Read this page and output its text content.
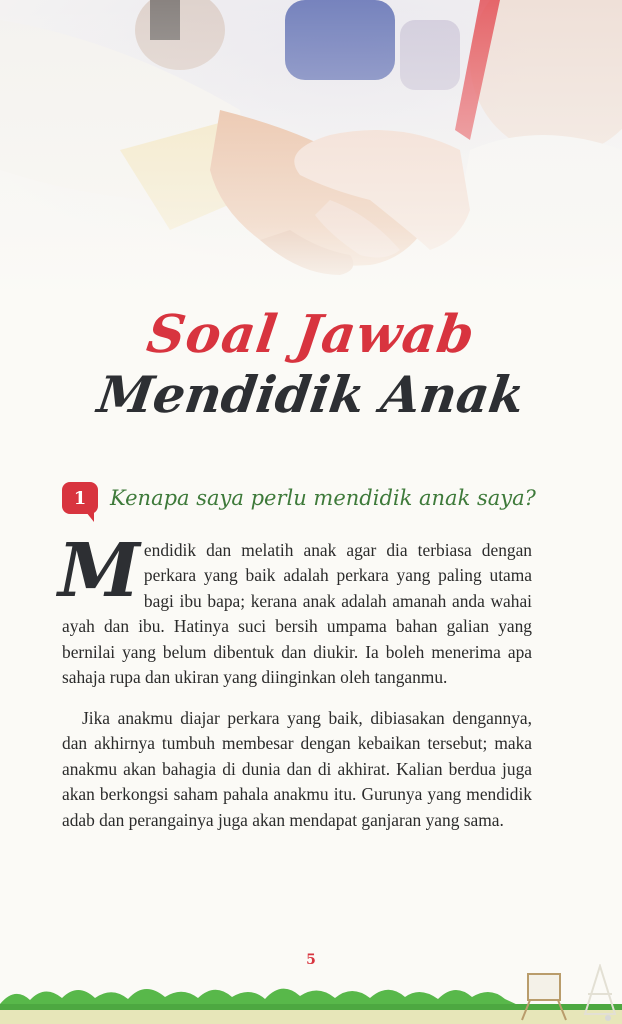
Soal Jawab
Mendidik Anak
1	Kenapa saya perlu mendidik anak saya?
Mendidik dan melatih anak agar dia terbiasa dengan perkara yang baik adalah perkara yang paling utama bagi ibu bapa; kerana anak adalah amanah anda wahai ayah dan ibu. Hatinya suci bersih umpama bahan galian yang bernilai yang belum dibentuk dan diukir. Ia boleh menerima apa sahaja rupa dan ukiran yang diinginkan oleh tanganmu.
Jika anakmu diajar perkara yang baik, dibiasakan dengannya, dan akhirnya tumbuh membesar dengan kebaikan tersebut; maka anakmu akan bahagia di dunia dan di akhirat. Kalian berdua juga akan berkongsi saham pahala anakmu itu. Gurunya yang mendidik adab dan perangainya juga akan mendapat ganjaran yang sama.
5
